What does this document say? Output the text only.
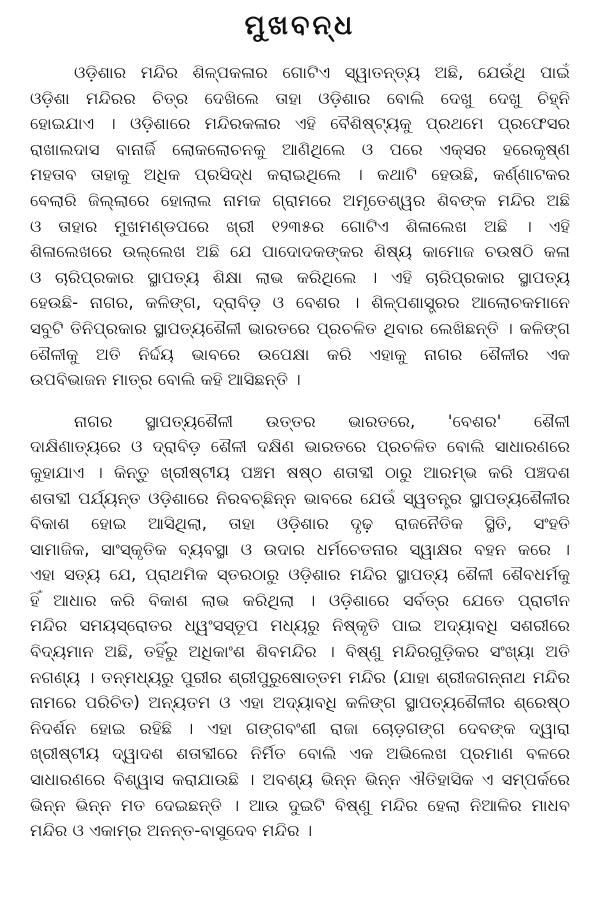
ମୁଖବନ୍ଧ
ଓଡ଼ିଶାର ମନ୍ଦିର ଶିଳ୍ପକଳାର ଗୋଟିଏ ସ୍ୱାତନ୍ତ୍ୟ ଅଛି, ଯେଉଁଥି ପାଇଁ
ଓଡ଼ିଶା ମନ୍ଦିରର ଚିତ୍ର ଦେଖିଲେ ତାହା ଓଡ଼ିଶାର ବୋଲି ଦେଖୁ ଦେଖୁ ଚିହ୍ନି
ହୋଇଯାଏ । ଓଡ଼ିଶାରେ ମନ୍ଦିରକଳାର ଏହି ବୈଶିଷ୍ଟ୍ୟକୁ ପ୍ରଥମେ ପ୍ରଫେସର
ରାଖାଲଦାସ ବାନାର୍ଜି ଲୋକଲୋଚନକୁ ଆଣିଥିଲେ ଓ ପରେ ଏକ୍ସର ହରେକୃଷ୍ଣ
ମହତାବ ତାହାକୁ ଅଧିକ ପ୍ରସିଦ୍ଧ କରାଇଥିଲେ । କଥାଟି ହେଉଛି, କର୍ଣ୍ଣାଟକର
ବେଲାରି ଜିଲ୍ଲାରେ ହୋଲାଲ ନାମକ ଗ୍ରାମରେ ଅମୃତେଶ୍ୱର ଶିବଙ୍କ ମନ୍ଦିର ଅଛି
ଓ ତାହାର ମୁଖମଣ୍ଡପରେ ଖ୍ରୀ ୧୨୩୫ର ଗୋଟିଏ ଶିଳାଲେଖ ଅଛି । ଏହି
ଶିଳାଲେଖରେ ଉଲ୍ଲେଖ ଅଛି ଯେ ପାଦୋଦକଙ୍କର ଶିଷ୍ୟ କାମୋଜ ଚଉଷଠି କଳା
ଓ ଚାରିପ୍ରକାର ସ୍ଥାପତ୍ୟ ଶିକ୍ଷା ଲାଭ କରିଥିଲେ । ଏହି ଚାରିପ୍ରକାର ସ୍ଥାପତ୍ୟ
ହେଉଛି- ନାଗର, କଳିଙ୍ଗ, ଦ୍ରାବିଡ଼ ଓ ବେଶର । ଶିଳ୍ପଶାସ୍ତ୍ରର ଆଲୋଚକମାନେ
ସବୁଟି ତିନିପ୍ରକାର ସ୍ଥାପତ୍ୟଶୈଳୀ ଭାରତରେ ପ୍ରଚଳିତ ଥିବାର ଲେଖିଛନ୍ତି । କଳିଙ୍ଗ
ଶୈଳୀକୁ ଅତି ନିର୍ଦ୍ଦୟ ଭାବରେ ଉପେକ୍ଷା କରି ଏହାକୁ ନାଗର ଶୈଳୀର ଏକ
ଉପବିଭାଜନ ମାତ୍ର ବୋଲି କହି ଆସିଛନ୍ତି ।
ନାଗର ସ୍ଥାପତ୍ୟଶୈଳୀ ଉତ୍ତର ଭାରତରେ, 'ବେଶର' ଶୈଳୀ
ଦାକ୍ଷିଣାତ୍ୟରେ ଓ ଦ୍ରାବିଡ଼ ଶୈଳୀ ଦକ୍ଷିଣ ଭାରତରେ ପ୍ରଚଳିତ ବୋଲି ସାଧାରଣରେ
କୁହାଯାଏ । କିନ୍ତୁ ଖ୍ରୀଷ୍ଟୀୟ ପଞ୍ଚମ ଷଷ୍ଠ ଶତାବ୍ଦୀ ଠାରୁ ଆରମ୍ଭ କରି ପଞ୍ଚଦଶ
ଶତାବ୍ଦୀ ପର୍ଯ୍ୟନ୍ତ ଓଡ଼ିଶାରେ ନିରବଚ୍ଛିନ୍ନ ଭାବରେ ଯେଉଁ ସ୍ୱତନ୍ତ୍ର ସ୍ଥାପତ୍ୟଶୈଳୀର
ବିକାଶ ହୋଇ ଆସିଥିଲା, ତାହା ଓଡ଼ିଶାର ଦୃଢ଼ ରାଜନୈତିକ ସ୍ଥିତି, ସଂହତି
ସାମାଜିକ, ସାଂସ୍କୃତିକ ବ୍ୟବସ୍ଥା ଓ ଉଦାର ଧର୍ମଚେତନାର ସ୍ୱାକ୍ଷର ବହନ କରେ ।
ଏହା ସତ୍ୟ ଯେ, ପ୍ରାଥମିକ ସ୍ତରଠାରୁ ଓଡ଼ିଶାର ମନ୍ଦିର ସ୍ଥାପତ୍ୟ ଶୈଳୀ ଶୈବଧର୍ମକୁ
ହିଁ ଆଧାର କରି ବିକାଶ ଲାଭ କରିଥିଲା । ଓଡ଼ିଶାରେ ସର୍ବତ୍ର ଯେତେ ପ୍ରାଚୀନ
ମନ୍ଦିର ସମୟସ୍ରୋତର ଧ୍ୱଂସସ୍ତୂପ ମଧ୍ୟରୁ ନିଷ୍କୃତି ପାଇ ଅଦ୍ୟାବଧି ସଶରୀରେ
ବିଦ୍ୟମାନ ଅଛି, ତହିଁରୁ ଅଧିକାଂଶ ଶିବମନ୍ଦିର । ବିଷ୍ଣୁ ମନ୍ଦିରଗୁଡ଼ିକର ସଂଖ୍ୟା ଅତି
ନଗଣ୍ୟ । ତନ୍ମଧ୍ୟରୁ ପୁରୀର ଶ୍ରୀପୁରୁଷୋତ୍ତମ ମନ୍ଦିର (ଯାହା ଶ୍ରୀଜଗନ୍ନାଥ ମନ୍ଦିର
ନାମରେ ପରିଚିତ) ଅନ୍ୟତମ ଓ ଏହା ଅଦ୍ୟାବଧି କଳିଙ୍ଗ ସ୍ଥାପତ୍ୟଶୈଳୀର ଶ୍ରେଷ୍ଠ
ନିଦର୍ଶନ ହୋଇ ରହିଛି । ଏହା ଗଙ୍ଗବଂଶୀ ରାଜା ଚୋଡ଼ଗଙ୍ଗ ଦେବଙ୍କ ଦ୍ୱାରା
ଖ୍ରୀଷ୍ଟୀୟ ଦ୍ୱାଦଶ ଶତାବ୍ଦୀରେ ନିର୍ମିତ ବୋଲି ଏକ ଅଭିଲେଖ ପ୍ରମାଣ ବଳରେ
ସାଧାରଣରେ ବିଶ୍ୱାସ କରାଯାଉଛି । ଅବଶ୍ୟ ଭିନ୍ନ ଭିନ୍ନ ଐତିହାସିକ ଏ ସମ୍ପର୍କରେ
ଭିନ୍ନ ଭିନ୍ନ ମତ ଦେଇଛନ୍ତି । ଆଉ ଦୁଇଟି ବିଷ୍ଣୁ ମନ୍ଦିର ହେଲା ନିଆଳିର ମାଧବ
ମନ୍ଦିର ଓ ଏକାମ୍ର ଅନନ୍ତ-ବାସୁଦେବ ମନ୍ଦିର ।
